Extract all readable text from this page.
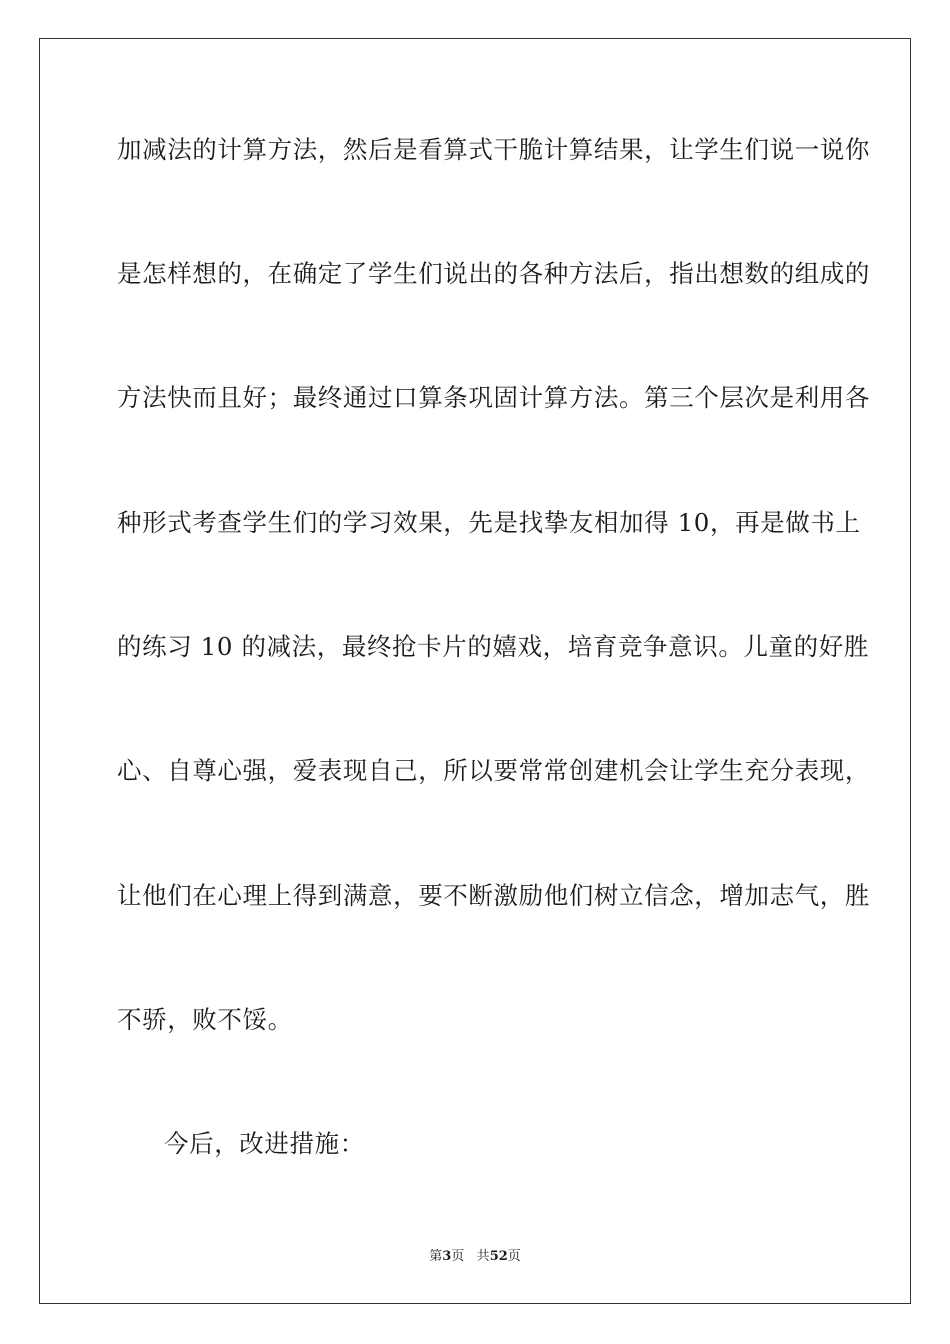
加减法的计算方法，然后是看算式干脆计算结果，让学生们说一说你
是怎样想的，在确定了学生们说出的各种方法后，指出想数的组成的
方法快而且好；最终通过口算条巩固计算方法。第三个层次是利用各
种形式考查学生们的学习效果，先是找挚友相加得 10，再是做书上
的练习 10 的减法，最终抢卡片的嬉戏，培育竞争意识。儿童的好胜
心、自尊心强，爱表现自己，所以要常常创建机会让学生充分表现，
让他们在心理上得到满意，要不断激励他们树立信念，增加志气，胜
不骄，败不馁。
今后，改进措施：
第3页 共52页
